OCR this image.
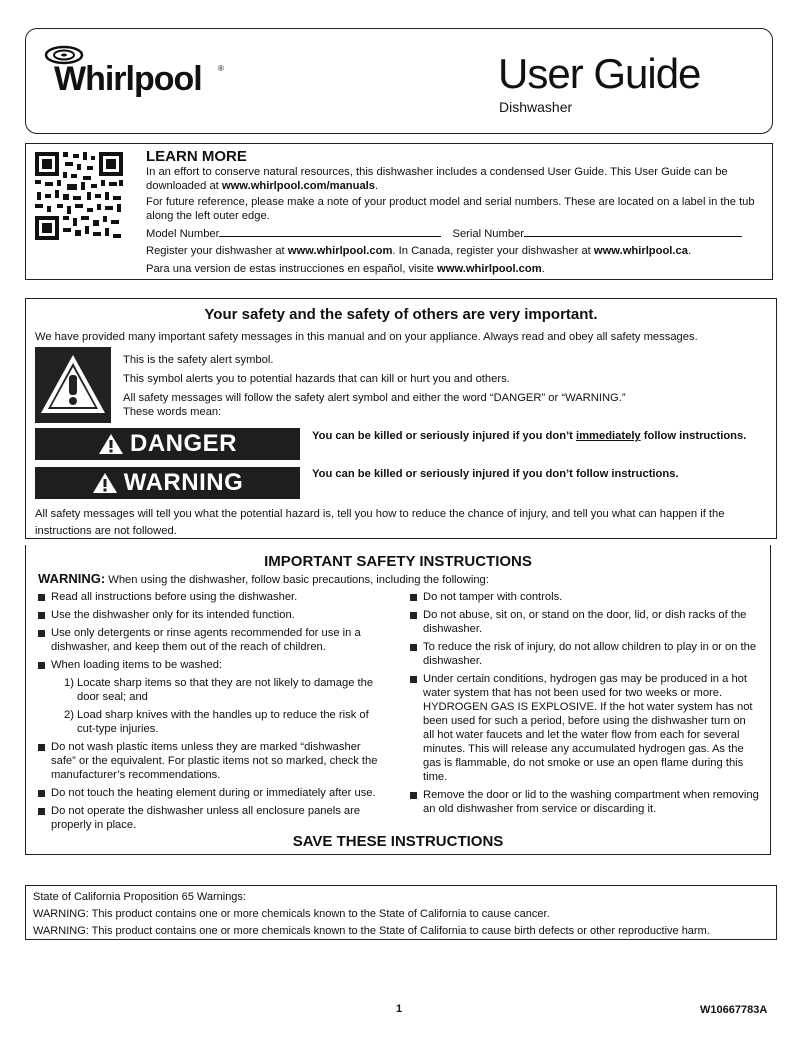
Whirlpool ®	User Guide
Dishwasher
LEARN MORE
In an effort to conserve natural resources, this dishwasher includes a condensed User Guide. This User Guide can be downloaded at www.whirlpool.com/manuals.
For future reference, please make a note of your product model and serial numbers. These are located on a label in the tub along the left outer edge.
Model Number	Serial Number
Register your dishwasher at www.whirlpool.com. In Canada, register your dishwasher at www.whirlpool.ca.
Para una version de estas instrucciones en español, visite www.whirlpool.com.
Your safety and the safety of others are very important.
We have provided many important safety messages in this manual and on your appliance. Always read and obey all safety messages.
This is the safety alert symbol.
This symbol alerts you to potential hazards that can kill or hurt you and others.
All safety messages will follow the safety alert symbol and either the word “DANGER” or “WARNING.”
These words mean:
DANGER	You can be killed or seriously injured if you don’t immediately follow instructions.
WARNING	You can be killed or seriously injured if you don’t follow instructions.
All safety messages will tell you what the potential hazard is, tell you how to reduce the chance of injury, and tell you what can happen if the instructions are not followed.
IMPORTANT SAFETY INSTRUCTIONS
WARNING: When using the dishwasher, follow basic precautions, including the following:
Read all instructions before using the dishwasher.
Use the dishwasher only for its intended function.
Use only detergents or rinse agents recommended for use in a dishwasher, and keep them out of the reach of children.
When loading items to be washed:
1) Locate sharp items so that they are not likely to damage the door seal; and
2) Load sharp knives with the handles up to reduce the risk of cut-type injuries.
Do not wash plastic items unless they are marked “dishwasher safe” or the equivalent. For plastic items not so marked, check the manufacturer’s recommendations.
Do not touch the heating element during or immediately after use.
Do not operate the dishwasher unless all enclosure panels are properly in place.
Do not tamper with controls.
Do not abuse, sit on, or stand on the door, lid, or dish racks of the dishwasher.
To reduce the risk of injury, do not allow children to play in or on the dishwasher.
Under certain conditions, hydrogen gas may be produced in a hot water system that has not been used for two weeks or more. HYDROGEN GAS IS EXPLOSIVE. If the hot water system has not been used for such a period, before using the dishwasher turn on all hot water faucets and let the water flow from each for several minutes. This will release any accumulated hydrogen gas. As the gas is flammable, do not smoke or use an open flame during this time.
Remove the door or lid to the washing compartment when removing an old dishwasher from service or discarding it.
SAVE THESE INSTRUCTIONS
State of California Proposition 65 Warnings:
WARNING: This product contains one or more chemicals known to the State of California to cause cancer.
WARNING: This product contains one or more chemicals known to the State of California to cause birth defects or other reproductive harm.
1	W10667783A
